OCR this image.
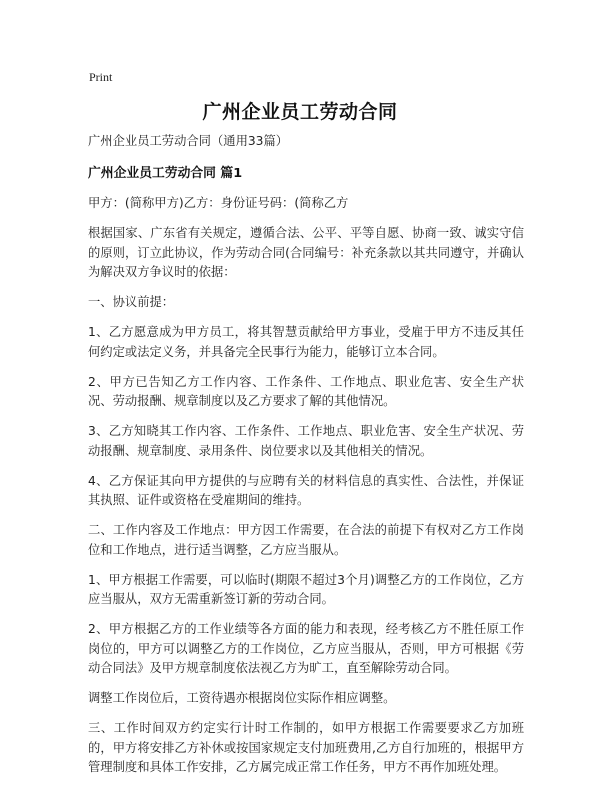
Print
广州企业员工劳动合同

广州企业员工劳动合同（通用33篇）

广州企业员工劳动合同 篇1

甲方：(简称甲方)乙方：身份证号码：(简称乙方

根据国家、广东省有关规定，遵循合法、公平、平等自愿、协商一致、诚实守信的原则，订立此协议，作为劳动合同(合同编号：补充条款以其共同遵守，并确认为解决双方争议时的依据：

一、协议前提：

1、乙方愿意成为甲方员工，将其智慧贡献给甲方事业，受雇于甲方不违反其任何约定或法定义务，并具备完全民事行为能力，能够订立本合同。

2、甲方已告知乙方工作内容、工作条件、工作地点、职业危害、安全生产状况、劳动报酬、规章制度以及乙方要求了解的其他情况。

3、乙方知晓其工作内容、工作条件、工作地点、职业危害、安全生产状况、劳动报酬、规章制度、录用条件、岗位要求以及其他相关的情况。

4、乙方保证其向甲方提供的与应聘有关的材料信息的真实性、合法性，并保证其执照、证件或资格在受雇期间的维持。

二、工作内容及工作地点：甲方因工作需要，在合法的前提下有权对乙方工作岗位和工作地点，进行适当调整，乙方应当服从。

1、甲方根据工作需要，可以临时(期限不超过3个月)调整乙方的工作岗位，乙方应当服从，双方无需重新签订新的劳动合同。

2、甲方根据乙方的工作业绩等各方面的能力和表现，经考核乙方不胜任原工作岗位的，甲方可以调整乙方的工作岗位，乙方应当服从，否则，甲方可根据《劳动合同法》及甲方规章制度依法视乙方为旷工，直至解除劳动合同。

调整工作岗位后，工资待遇亦根据岗位实际作相应调整。

三、工作时间双方约定实行计时工作制的，如甲方根据工作需要要求乙方加班的，甲方将安排乙方补休或按国家规定支付加班费用,乙方自行加班的，根据甲方管理制度和具体工作安排，乙方属完成正常工作任务，甲方不再作加班处理。
